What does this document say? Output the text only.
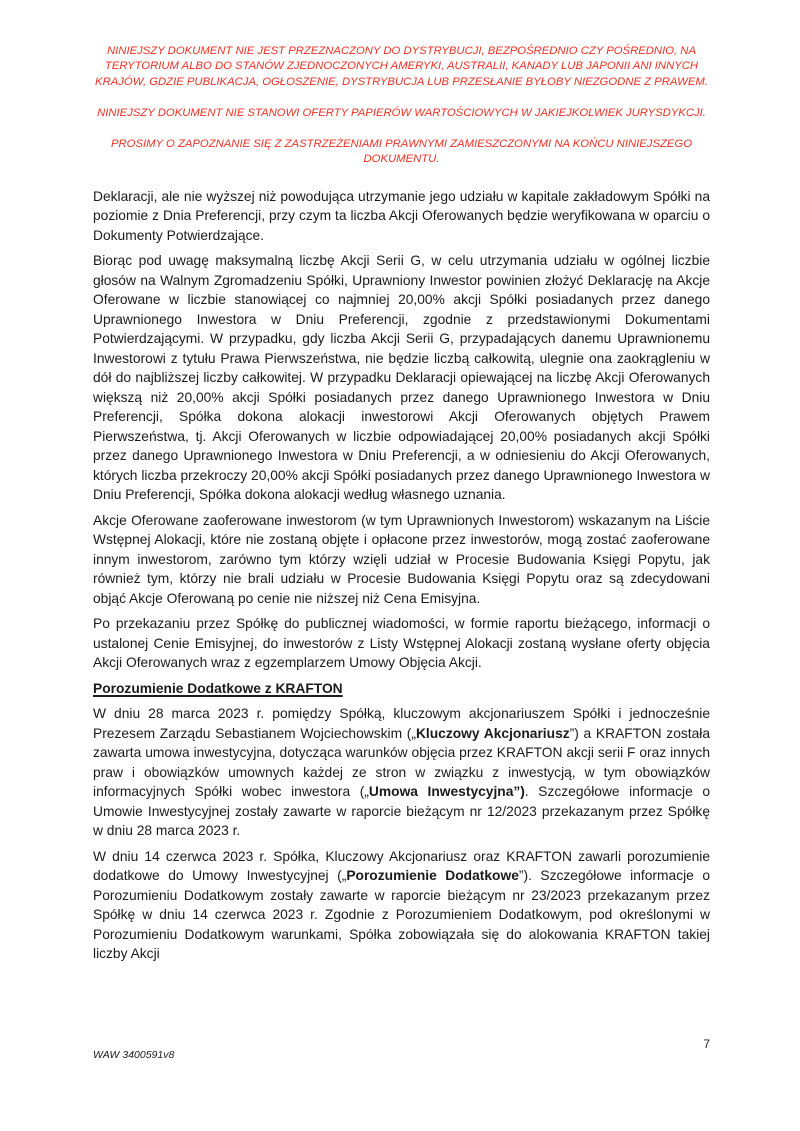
NINIEJSZY DOKUMENT NIE JEST PRZEZNACZONY DO DYSTRYBUCJI, BEZPOŚREDNIO CZY POŚREDNIO, NA TERYTORIUM ALBO DO STANÓW ZJEDNOCZONYCH AMERYKI, AUSTRALII, KANADY LUB JAPONII ANI INNYCH KRAJÓW, GDZIE PUBLIKACJA, OGŁOSZENIE, DYSTRYBUCJA LUB PRZESŁANIE BYŁOBY NIEZGODNE Z PRAWEM.

NINIEJSZY DOKUMENT NIE STANOWI OFERTY PAPIERÓW WARTOŚCIOWYCH W JAKIEJKOLWIEK JURYSDYKCJI.

PROSIMY O ZAPOZNANIE SIĘ Z ZASTRZEŻENIAMI PRAWNYMI ZAMIESZCZONYMI NA KOŃCU NINIEJSZEGO DOKUMENTU.

Deklaracji, ale nie wyższej niż powodująca utrzymanie jego udziału w kapitale zakładowym Spółki na poziomie z Dnia Preferencji, przy czym ta liczba Akcji Oferowanych będzie weryfikowana w oparciu o Dokumenty Potwierdzające.

Biorąc pod uwagę maksymalną liczbę Akcji Serii G, w celu utrzymania udziału w ogólnej liczbie głosów na Walnym Zgromadzeniu Spółki, Uprawniony Inwestor powinien złożyć Deklarację na Akcje Oferowane w liczbie stanowiącej co najmniej 20,00% akcji Spółki posiadanych przez danego Uprawnionego Inwestora w Dniu Preferencji, zgodnie z przedstawionymi Dokumentami Potwierdzającymi. W przypadku, gdy liczba Akcji Serii G, przypadających danemu Uprawnionemu Inwestorowi z tytułu Prawa Pierwszeństwa, nie będzie liczbą całkowitą, ulegnie ona zaokrągleniu w dół do najbliższej liczby całkowitej. W przypadku Deklaracji opiewającej na liczbę Akcji Oferowanych większą niż 20,00% akcji Spółki posiadanych przez danego Uprawnionego Inwestora w Dniu Preferencji, Spółka dokona alokacji inwestorowi Akcji Oferowanych objętych Prawem Pierwszeństwa, tj. Akcji Oferowanych w liczbie odpowiadającej 20,00% posiadanych akcji Spółki przez danego Uprawnionego Inwestora w Dniu Preferencji, a w odniesieniu do Akcji Oferowanych, których liczba przekroczy 20,00% akcji Spółki posiadanych przez danego Uprawnionego Inwestora w Dniu Preferencji, Spółka dokona alokacji według własnego uznania.

Akcje Oferowane zaoferowane inwestorom (w tym Uprawnionych Inwestorom) wskazanym na Liście Wstępnej Alokacji, które nie zostaną objęte i opłacone przez inwestorów, mogą zostać zaoferowane innym inwestorom, zarówno tym którzy wzięli udział w Procesie Budowania Księgi Popytu, jak również tym, którzy nie brali udziału w Procesie Budowania Księgi Popytu oraz są zdecydowani objąć Akcje Oferowaną po cenie nie niższej niż Cena Emisyjna.

Po przekazaniu przez Spółkę do publicznej wiadomości, w formie raportu bieżącego, informacji o ustalonej Cenie Emisyjnej, do inwestorów z Listy Wstępnej Alokacji zostaną wysłane oferty objęcia Akcji Oferowanych wraz z egzemplarzem Umowy Objęcia Akcji.

Porozumienie Dodatkowe z KRAFTON

W dniu 28 marca 2023 r. pomiędzy Spółką, kluczowym akcjonariuszem Spółki i jednocześnie Prezesem Zarządu Sebastianem Wojciechowskim („Kluczowy Akcjonariusz”) a KRAFTON została zawarta umowa inwestycyjna, dotycząca warunków objęcia przez KRAFTON akcji serii F oraz innych praw i obowiązków umownych każdej ze stron w związku z inwestycją, w tym obowiązków informacyjnych Spółki wobec inwestora („Umowa Inwestycyjna”). Szczegółowe informacje o Umowie Inwestycyjnej zostały zawarte w raporcie bieżącym nr 12/2023 przekazanym przez Spółkę w dniu 28 marca 2023 r.

W dniu 14 czerwca 2023 r. Spółka, Kluczowy Akcjonariusz oraz KRAFTON zawarli porozumienie dodatkowe do Umowy Inwestycyjnej („Porozumienie Dodatkowe”). Szczegółowe informacje o Porozumieniu Dodatkowym zostały zawarte w raporcie bieżącym nr 23/2023 przekazanym przez Spółkę w dniu 14 czerwca 2023 r. Zgodnie z Porozumieniem Dodatkowym, pod określonymi w Porozumieniu Dodatkowym warunkami, Spółka zobowiązała się do alokowania KRAFTON takiej liczby Akcji

WAW 3400591v8
7
